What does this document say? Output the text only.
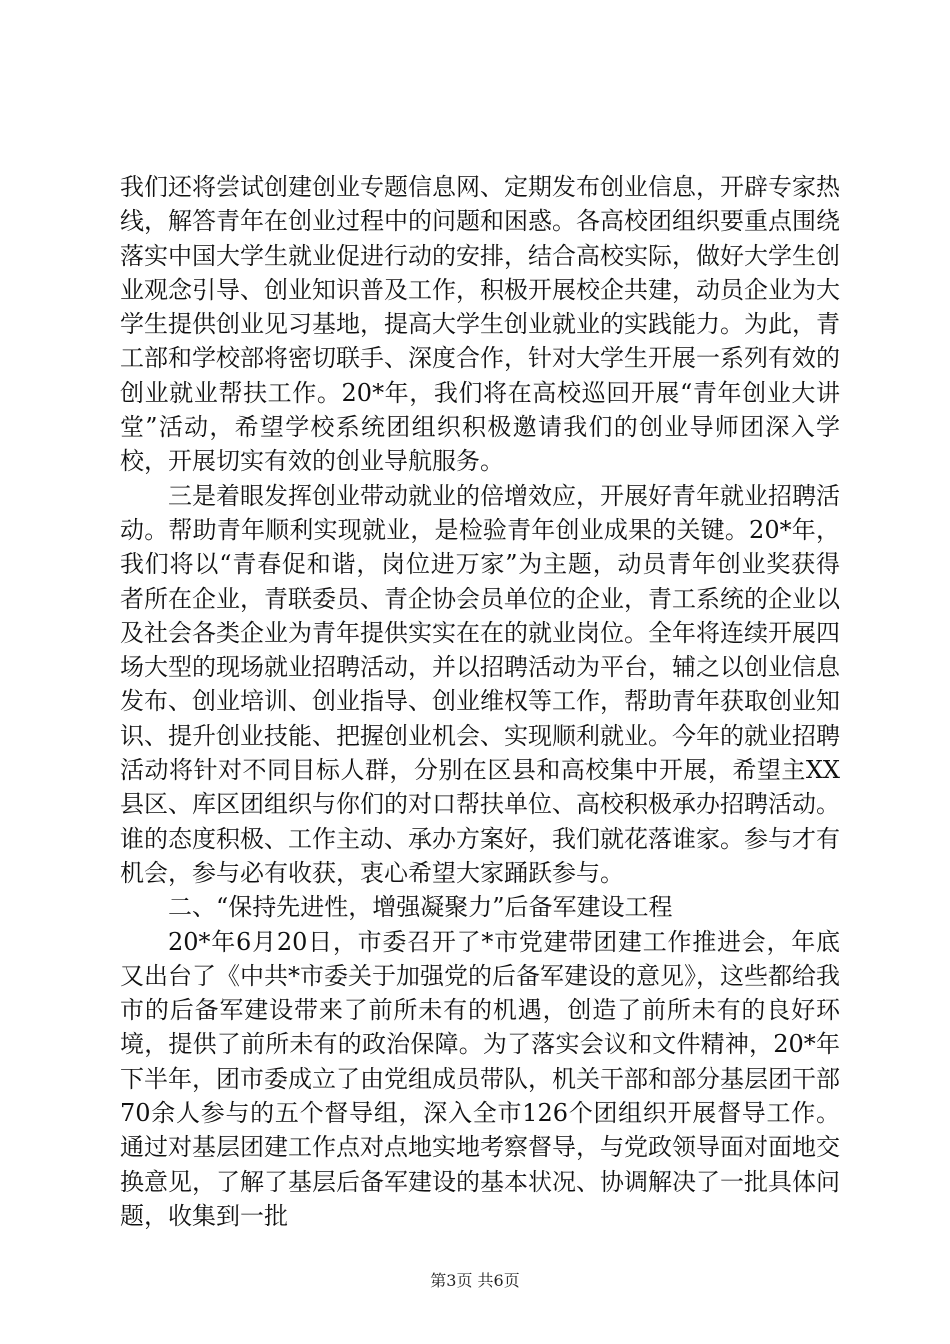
我们还将尝试创建创业专题信息网、定期发布创业信息，开辟专家热线，解答青年在创业过程中的问题和困惑。各高校团组织要重点围绕落实中国大学生就业促进行动的安排，结合高校实际，做好大学生创业观念引导、创业知识普及工作，积极开展校企共建，动员企业为大学生提供创业见习基地，提高大学生创业就业的实践能力。为此，青工部和学校部将密切联手、深度合作，针对大学生开展一系列有效的创业就业帮扶工作。20*年，我们将在高校巡回开展“青年创业大讲堂”活动，希望学校系统团组织积极邀请我们的创业导师团深入学校，开展切实有效的创业导航服务。

三是着眼发挥创业带动就业的倍增效应，开展好青年就业招聘活动。帮助青年顺利实现就业，是检验青年创业成果的关键。20*年，我们将以“青春促和谐，岗位进万家”为主题，动员青年创业奖获得者所在企业，青联委员、青企协会员单位的企业，青工系统的企业以及社会各类企业为青年提供实实在在的就业岗位。全年将连续开展四场大型的现场就业招聘活动，并以招聘活动为平台，辅之以创业信息发布、创业培训、创业指导、创业维权等工作，帮助青年获取创业知识、提升创业技能、把握创业机会、实现顺利就业。今年的就业招聘活动将针对不同目标人群，分别在区县和高校集中开展，希望主XX县区、库区团组织与你们的对口帮扶单位、高校积极承办招聘活动。谁的态度积极、工作主动、承办方案好，我们就花落谁家。参与才有机会，参与必有收获，衷心希望大家踊跃参与。

二、“保持先进性，增强凝聚力”后备军建设工程

20*年6月20日，市委召开了*市党建带团建工作推进会，年底又出台了《中共*市委关于加强党的后备军建设的意见》，这些都给我市的后备军建设带来了前所未有的机遇，创造了前所未有的良好环境，提供了前所未有的政治保障。为了落实会议和文件精神，20*年下半年，团市委成立了由党组成员带队，机关干部和部分基层团干部70余人参与的五个督导组，深入全市126个团组织开展督导工作。通过对基层团建工作点对点地实地考察督导，与党政领导面对面地交换意见，了解了基层后备军建设的基本状况、协调解决了一批具体问题，收集到一批

第3页 共6页
